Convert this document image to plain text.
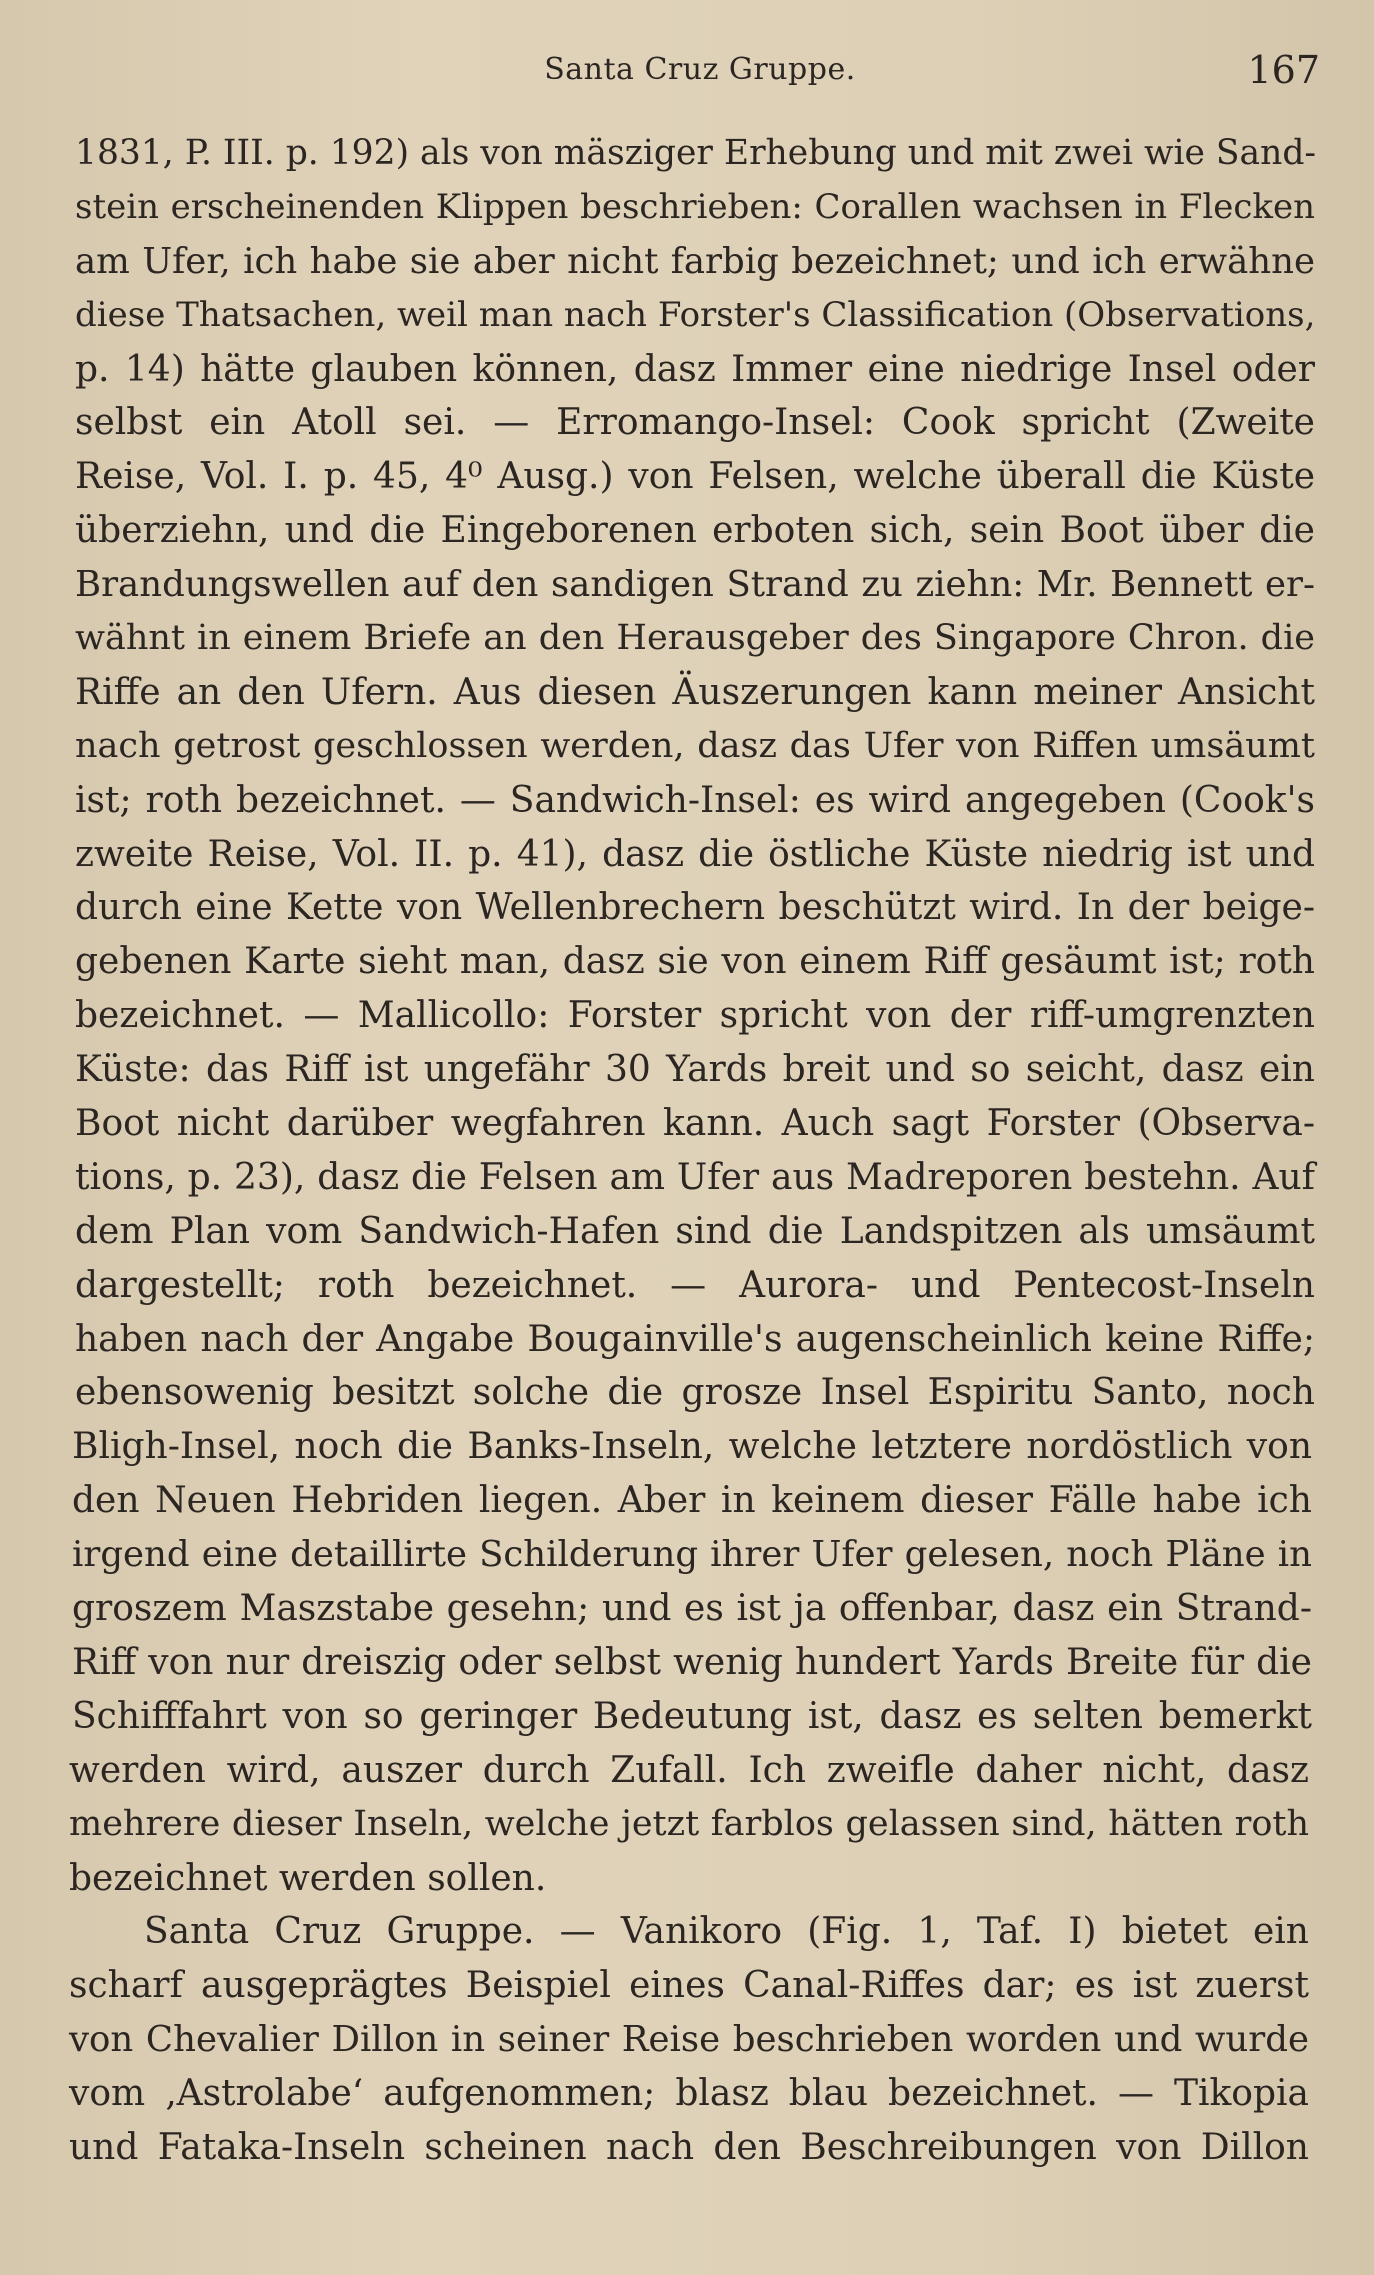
Santa Cruz Gruppe.	167
1831, P. III. p. 192) als von mäsziger Erhebung und mit zwei wie Sand-
stein erscheinenden Klippen beschrieben: Corallen wachsen in Flecken
am Ufer, ich habe sie aber nicht farbig bezeichnet; und ich erwähne
diese Thatsachen, weil man nach Forster's Classification (Observations,
p. 14) hätte glauben können, dasz Immer eine niedrige Insel oder
selbst ein Atoll sei. — Erromango-Insel: Cook spricht (Zweite
Reise, Vol. I. p. 45, 4⁰ Ausg.) von Felsen, welche überall die Küste
überziehn, und die Eingeborenen erboten sich, sein Boot über die
Brandungswellen auf den sandigen Strand zu ziehn: Mr. Bennett er-
wähnt in einem Briefe an den Herausgeber des Singapore Chron. die
Riffe an den Ufern. Aus diesen Äuszerungen kann meiner Ansicht
nach getrost geschlossen werden, dasz das Ufer von Riffen umsäumt
ist; roth bezeichnet. — Sandwich-Insel: es wird angegeben (Cook's
zweite Reise, Vol. II. p. 41), dasz die östliche Küste niedrig ist und
durch eine Kette von Wellenbrechern beschützt wird. In der beige-
gebenen Karte sieht man, dasz sie von einem Riff gesäumt ist; roth
bezeichnet. — Mallicollo: Forster spricht von der riff-umgrenzten
Küste: das Riff ist ungefähr 30 Yards breit und so seicht, dasz ein
Boot nicht darüber wegfahren kann. Auch sagt Forster (Observa-
tions, p. 23), dasz die Felsen am Ufer aus Madreporen bestehn. Auf
dem Plan vom Sandwich-Hafen sind die Landspitzen als umsäumt
dargestellt; roth bezeichnet. — Aurora- und Pentecost-Inseln
haben nach der Angabe Bougainville's augenscheinlich keine Riffe;
ebensowenig besitzt solche die grosze Insel Espiritu Santo, noch
Bligh-Insel, noch die Banks-Inseln, welche letztere nordöstlich von
den Neuen Hebriden liegen. Aber in keinem dieser Fälle habe ich
irgend eine detaillirte Schilderung ihrer Ufer gelesen, noch Pläne in
groszem Maszstabe gesehn; und es ist ja offenbar, dasz ein Strand-
Riff von nur dreiszig oder selbst wenig hundert Yards Breite für die
Schifffahrt von so geringer Bedeutung ist, dasz es selten bemerkt
werden wird, auszer durch Zufall. Ich zweifle daher nicht, dasz
mehrere dieser Inseln, welche jetzt farblos gelassen sind, hätten roth
bezeichnet werden sollen.
Santa Cruz Gruppe. — Vanikoro (Fig. 1, Taf. I) bietet ein
scharf ausgeprägtes Beispiel eines Canal-Riffes dar; es ist zuerst
von Chevalier Dillon in seiner Reise beschrieben worden und wurde
vom ‚Astrolabe‘ aufgenommen; blasz blau bezeichnet. — Tikopia
und Fataka-Inseln scheinen nach den Beschreibungen von Dillon
